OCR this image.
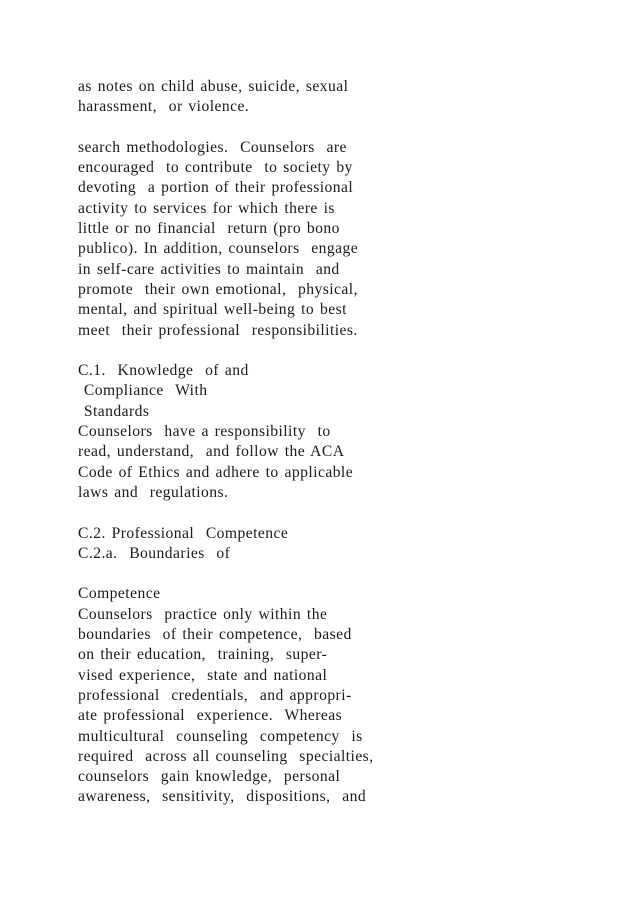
as notes on child abuse, suicide, sexual
harassment,  or violence.
search methodologies.  Counselors  are
encouraged  to contribute  to society by
devoting  a portion of their professional
activity to services for which there is
little or no financial  return (pro bono
publico). In addition, counselors  engage
in self-care activities to maintain  and
promote  their own emotional,  physical,
mental, and spiritual well-being to best
meet  their professional  responsibilities.
C.1.  Knowledge  of and
Compliance  With
Standards
Counselors  have a responsibility  to
read, understand,  and follow the ACA
Code of Ethics and adhere to applicable
laws and  regulations.
C.2. Professional  Competence
C.2.a.  Boundaries  of
Competence
Counselors  practice only within the
boundaries  of their competence,  based
on their education,  training,  super-
vised experience,  state and national
professional  credentials,  and appropri-
ate professional  experience.  Whereas
multicultural  counseling  competency  is
required  across all counseling  specialties,
counselors  gain knowledge,  personal
awareness,  sensitivity,  dispositions,  and
